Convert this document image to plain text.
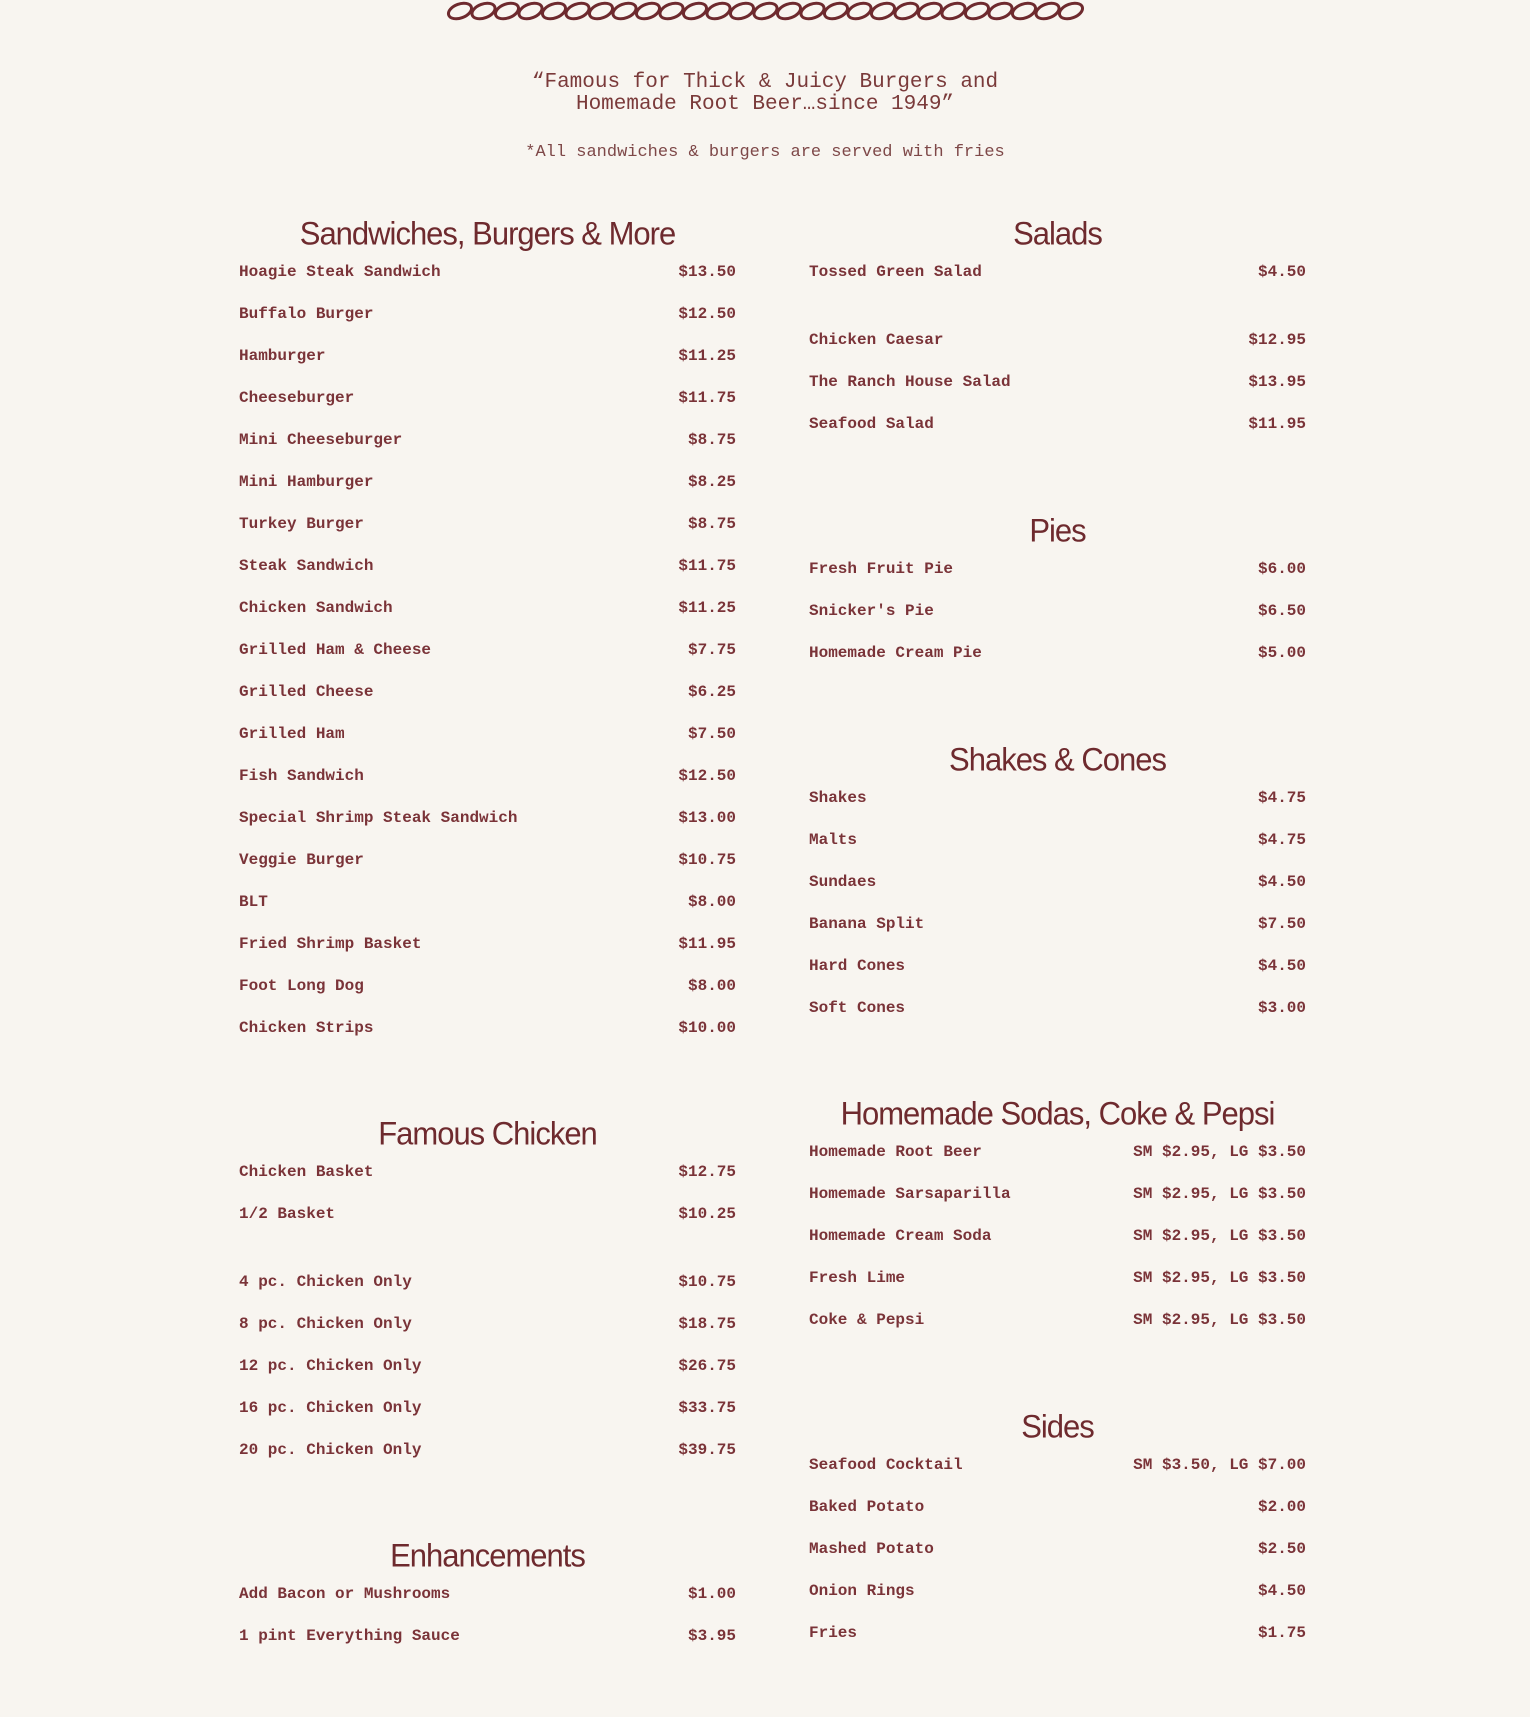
“Famous for Thick & Juicy Burgers and
Homemade Root Beer…since 1949”
*All sandwiches & burgers are served with fries
Sandwiches, Burgers & More
Hoagie Steak Sandwich	$13.50
Buffalo Burger	$12.50
Hamburger	$11.25
Cheeseburger	$11.75
Mini Cheeseburger	$8.75
Mini Hamburger	$8.25
Turkey Burger	$8.75
Steak Sandwich	$11.75
Chicken Sandwich	$11.25
Grilled Ham & Cheese	$7.75
Grilled Cheese	$6.25
Grilled Ham	$7.50
Fish Sandwich	$12.50
Special Shrimp Steak Sandwich	$13.00
Veggie Burger	$10.75
BLT	$8.00
Fried Shrimp Basket	$11.95
Foot Long Dog	$8.00
Chicken Strips	$10.00
Famous Chicken
Chicken Basket	$12.75
1/2 Basket	$10.25
4 pc. Chicken Only	$10.75
8 pc. Chicken Only	$18.75
12 pc. Chicken Only	$26.75
16 pc. Chicken Only	$33.75
20 pc. Chicken Only	$39.75
Enhancements
Add Bacon or Mushrooms	$1.00
1 pint Everything Sauce	$3.95
Salads
Tossed Green Salad	$4.50
Chicken Caesar	$12.95
The Ranch House Salad	$13.95
Seafood Salad	$11.95
Pies
Fresh Fruit Pie	$6.00
Snicker's Pie	$6.50
Homemade Cream Pie	$5.00
Shakes & Cones
Shakes	$4.75
Malts	$4.75
Sundaes	$4.50
Banana Split	$7.50
Hard Cones	$4.50
Soft Cones	$3.00
Homemade Sodas, Coke & Pepsi
Homemade Root Beer	SM $2.95, LG $3.50
Homemade Sarsaparilla	SM $2.95, LG $3.50
Homemade Cream Soda	SM $2.95, LG $3.50
Fresh Lime	SM $2.95, LG $3.50
Coke & Pepsi	SM $2.95, LG $3.50
Sides
Seafood Cocktail	SM $3.50, LG $7.00
Baked Potato	$2.00
Mashed Potato	$2.50
Onion Rings	$4.50
Fries	$1.75
